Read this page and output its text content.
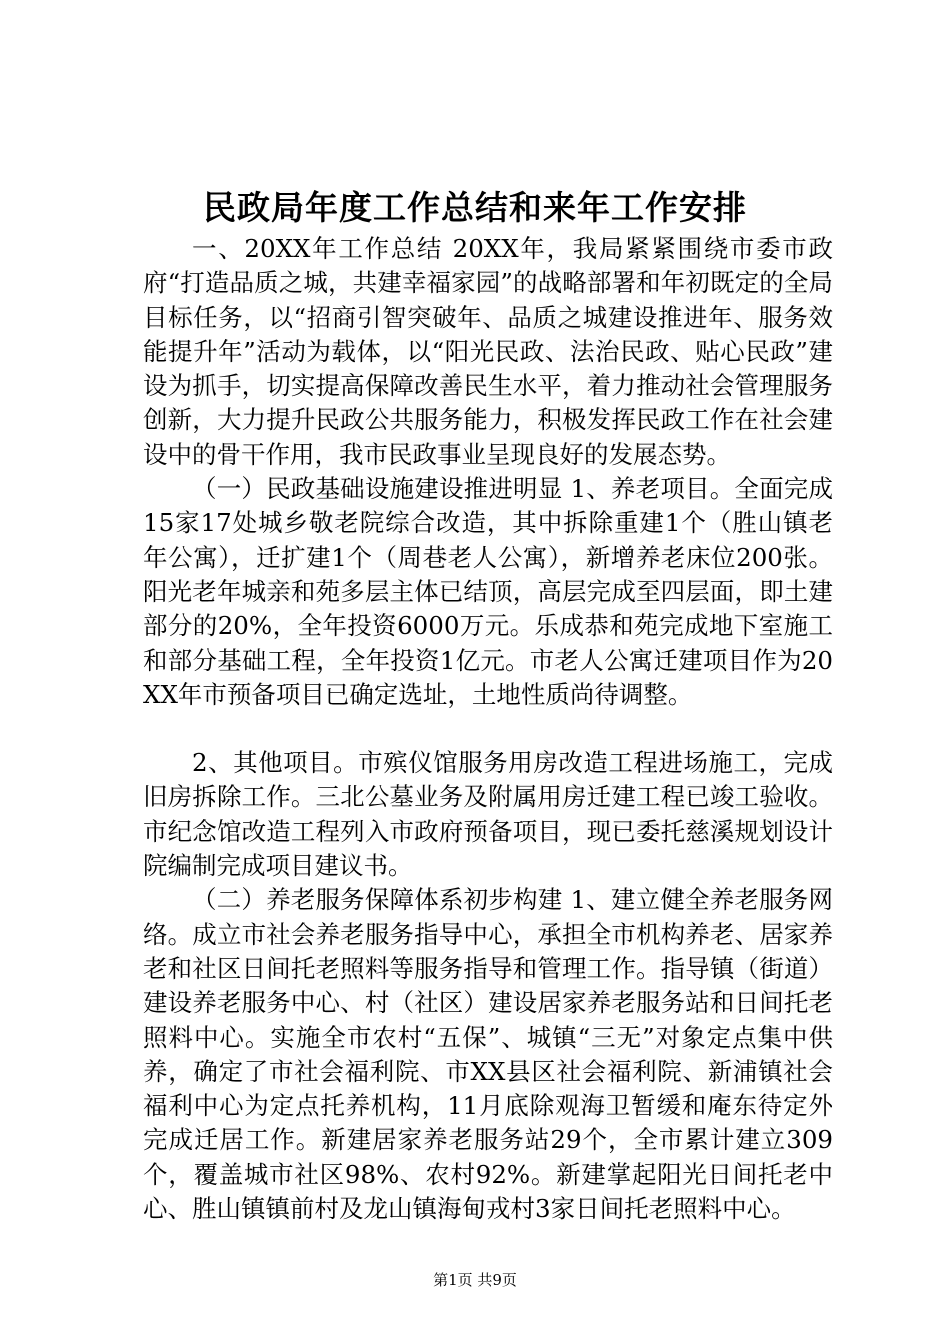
民政局年度工作总结和来年工作安排

一、20XX年工作总结 20XX年，我局紧紧围绕市委市政府“打造品质之城，共建幸福家园”的战略部署和年初既定的全局目标任务，以“招商引智突破年、品质之城建设推进年、服务效能提升年”活动为载体，以“阳光民政、法治民政、贴心民政”建设为抓手，切实提高保障改善民生水平，着力推动社会管理服务创新，大力提升民政公共服务能力，积极发挥民政工作在社会建设中的骨干作用，我市民政事业呈现良好的发展态势。

（一）民政基础设施建设推进明显 1、养老项目。全面完成15家17处城乡敬老院综合改造，其中拆除重建1个（胜山镇老年公寓），迁扩建1个（周巷老人公寓），新增养老床位200张。阳光老年城亲和苑多层主体已结顶，高层完成至四层面，即土建部分的20%，全年投资6000万元。乐成恭和苑完成地下室施工和部分基础工程，全年投资1亿元。市老人公寓迁建项目作为20XX年市预备项目已确定选址，土地性质尚待调整。

2、其他项目。市殡仪馆服务用房改造工程进场施工，完成旧房拆除工作。三北公墓业务及附属用房迁建工程已竣工验收。市纪念馆改造工程列入市政府预备项目，现已委托慈溪规划设计院编制完成项目建议书。

（二）养老服务保障体系初步构建 1、建立健全养老服务网络。成立市社会养老服务指导中心，承担全市机构养老、居家养老和社区日间托老照料等服务指导和管理工作。指导镇（街道）建设养老服务中心、村（社区）建设居家养老服务站和日间托老照料中心。实施全市农村“五保”、城镇“三无”对象定点集中供养，确定了市社会福利院、市XX县区社会福利院、新浦镇社会福利中心为定点托养机构，11月底除观海卫暂缓和庵东待定外完成迁居工作。新建居家养老服务站29个，全市累计建立309个，覆盖城市社区98%、农村92%。新建掌起阳光日间托老中心、胜山镇镇前村及龙山镇海甸戎村3家日间托老照料中心。

第1页 共9页
